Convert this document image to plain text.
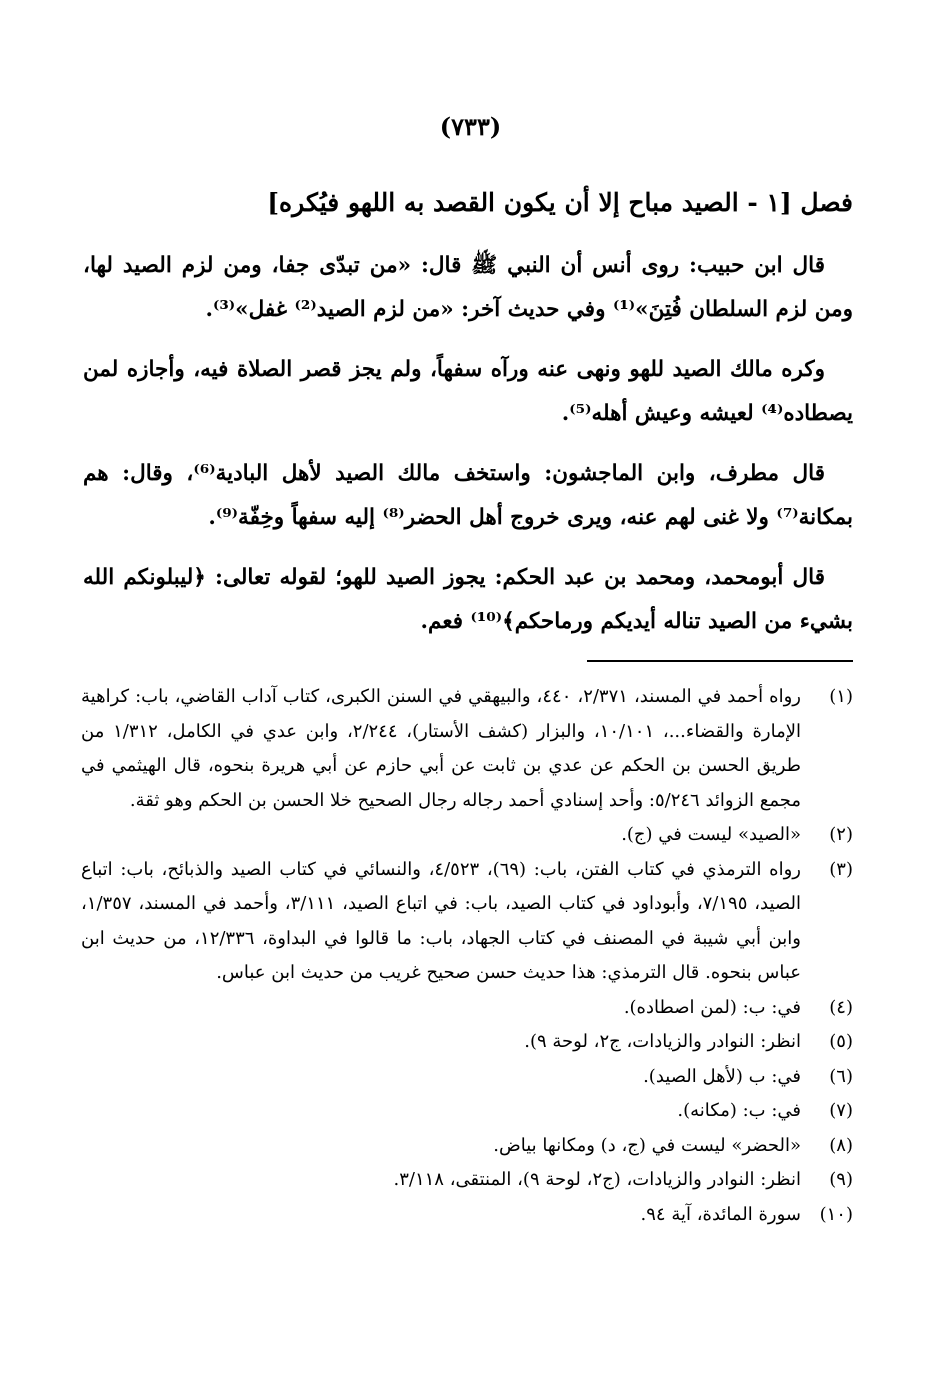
(٧٣٣)
فصل [١ - الصيد مباح إلا أن يكون القصد به اللهو فيُكره]

قال ابن حبيب: روى أنس أن النبي ﷺ قال: «من تبدّى جفا، ومن لزم الصيد لها، ومن لزم السلطان فُتِنَ»⁽¹⁾ وفي حديث آخر: «من لزم الصيد⁽²⁾ غفل»⁽³⁾.

وكره مالك الصيد للهو ونهى عنه ورآه سفهاً، ولم يجز قصر الصلاة فيه، وأجازه لمن يصطاده⁽⁴⁾ لعيشه وعيش أهله⁽⁵⁾.

قال مطرف، وابن الماجشون: واستخف مالك الصيد لأهل البادية⁽⁶⁾، وقال: هم بمكانة⁽⁷⁾ ولا غنى لهم عنه، ويرى خروج أهل الحضر⁽⁸⁾ إليه سفهاً وخِفّة⁽⁹⁾.

قال أبومحمد، ومحمد بن عبد الحكم: يجوز الصيد للهو؛ لقوله تعالى: ﴿ليبلونكم الله بشيء من الصيد تناله أيديكم ورماحكم﴾⁽¹⁰⁾ فعم.

(١)
رواه أحمد في المسند، ٢/٣٧١، ٤٤٠، والبيهقي في السنن الكبرى، كتاب آداب القاضي، باب: كراهية الإمارة والقضاء...، ١٠/١٠١، والبزار (كشف الأستار)، ٢/٢٤٤، وابن عدي في الكامل، ١/٣١٢ من طريق الحسن بن الحكم عن عدي بن ثابت عن أبي حازم عن أبي هريرة بنحوه، قال الهيثمي في مجمع الزوائد ٥/٢٤٦: وأحد إسنادي أحمد رجاله رجال الصحيح خلا الحسن بن الحكم وهو ثقة.
(٢)
«الصيد» ليست في (ج).
(٣)
رواه الترمذي في كتاب الفتن، باب: (٦٩)، ٤/٥٢٣، والنسائي في كتاب الصيد والذبائح، باب: اتباع الصيد، ٧/١٩٥، وأبوداود في كتاب الصيد، باب: في اتباع الصيد، ٣/١١١، وأحمد في المسند، ١/٣٥٧، وابن أبي شيبة في المصنف في كتاب الجهاد، باب: ما قالوا في البداوة، ١٢/٣٣٦، من حديث ابن عباس بنحوه. قال الترمذي: هذا حديث حسن صحيح غريب من حديث ابن عباس.
(٤)
في: ب: (لمن اصطاده).
(٥)
انظر: النوادر والزيادات، ج٢، لوحة ٩).
(٦)
في: ب (لأهل الصيد).
(٧)
في: ب: (مكانه).
(٨)
«الحضر» ليست في (ج، د) ومكانها بياض.
(٩)
انظر: النوادر والزيادات، (ج٢، لوحة ٩)، المنتقى، ٣/١١٨.
(١٠)
سورة المائدة، آية ٩٤.
